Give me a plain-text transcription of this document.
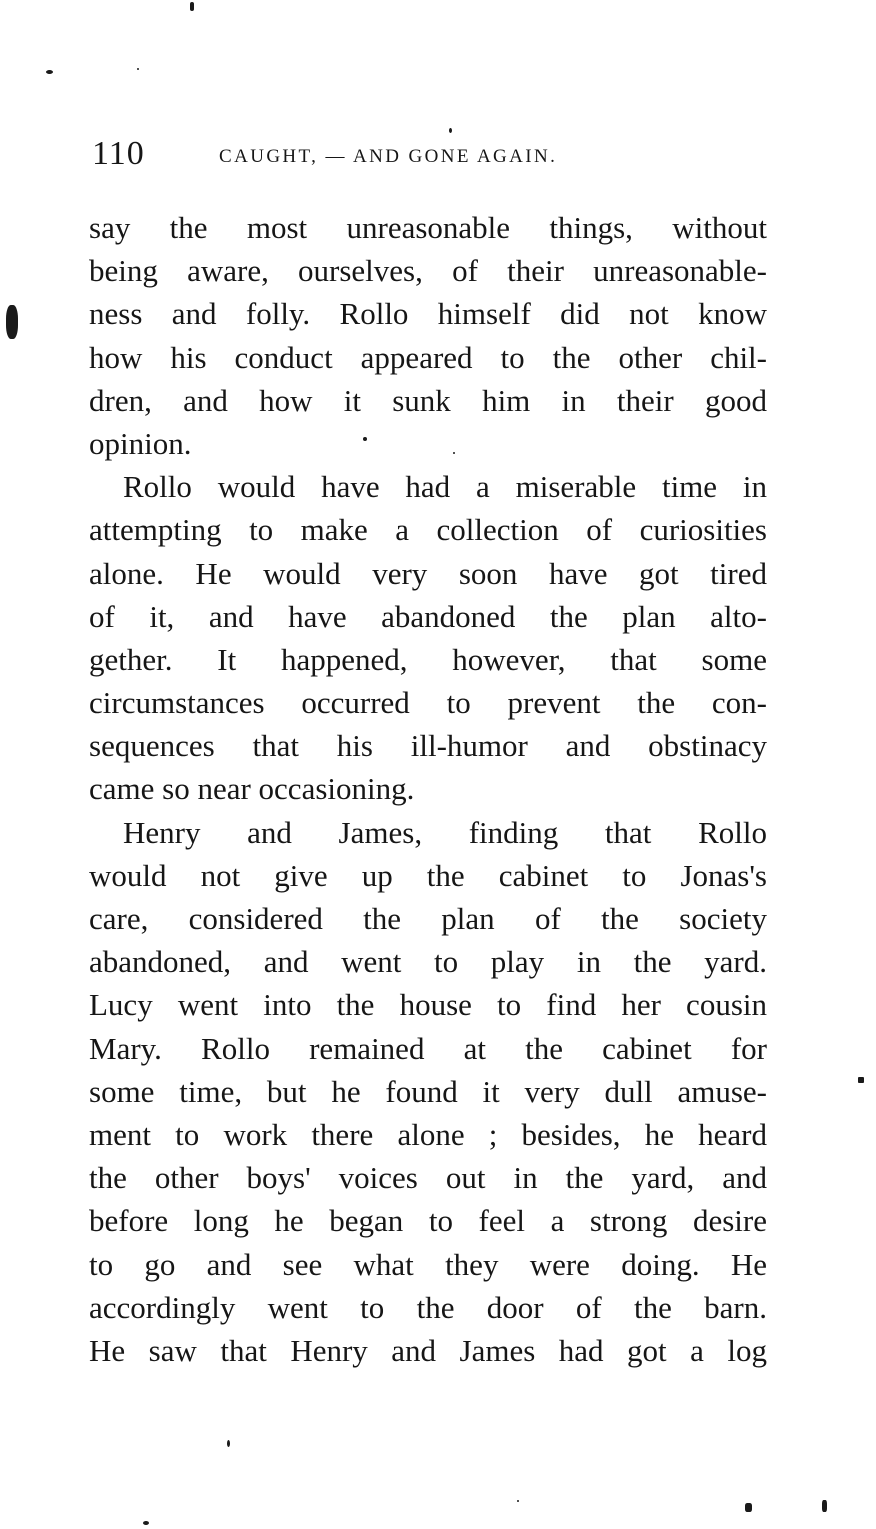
110	CAUGHT, — AND GONE AGAIN.
say the most unreasonable things, without
being aware, ourselves, of their unreasonable-
ness and folly. Rollo himself did not know
how his conduct appeared to the other chil-
dren, and how it sunk him in their good
opinion.
Rollo would have had a miserable time in
attempting to make a collection of curiosities
alone. He would very soon have got tired
of it, and have abandoned the plan alto-
gether. It happened, however, that some
circumstances occurred to prevent the con-
sequences that his ill-humor and obstinacy
came so near occasioning.
Henry and James, finding that Rollo
would not give up the cabinet to Jonas's
care, considered the plan of the society
abandoned, and went to play in the yard.
Lucy went into the house to find her cousin
Mary. Rollo remained at the cabinet for
some time, but he found it very dull amuse-
ment to work there alone ; besides, he heard
the other boys' voices out in the yard, and
before long he began to feel a strong desire
to go and see what they were doing. He
accordingly went to the door of the barn.
He saw that Henry and James had got a log
